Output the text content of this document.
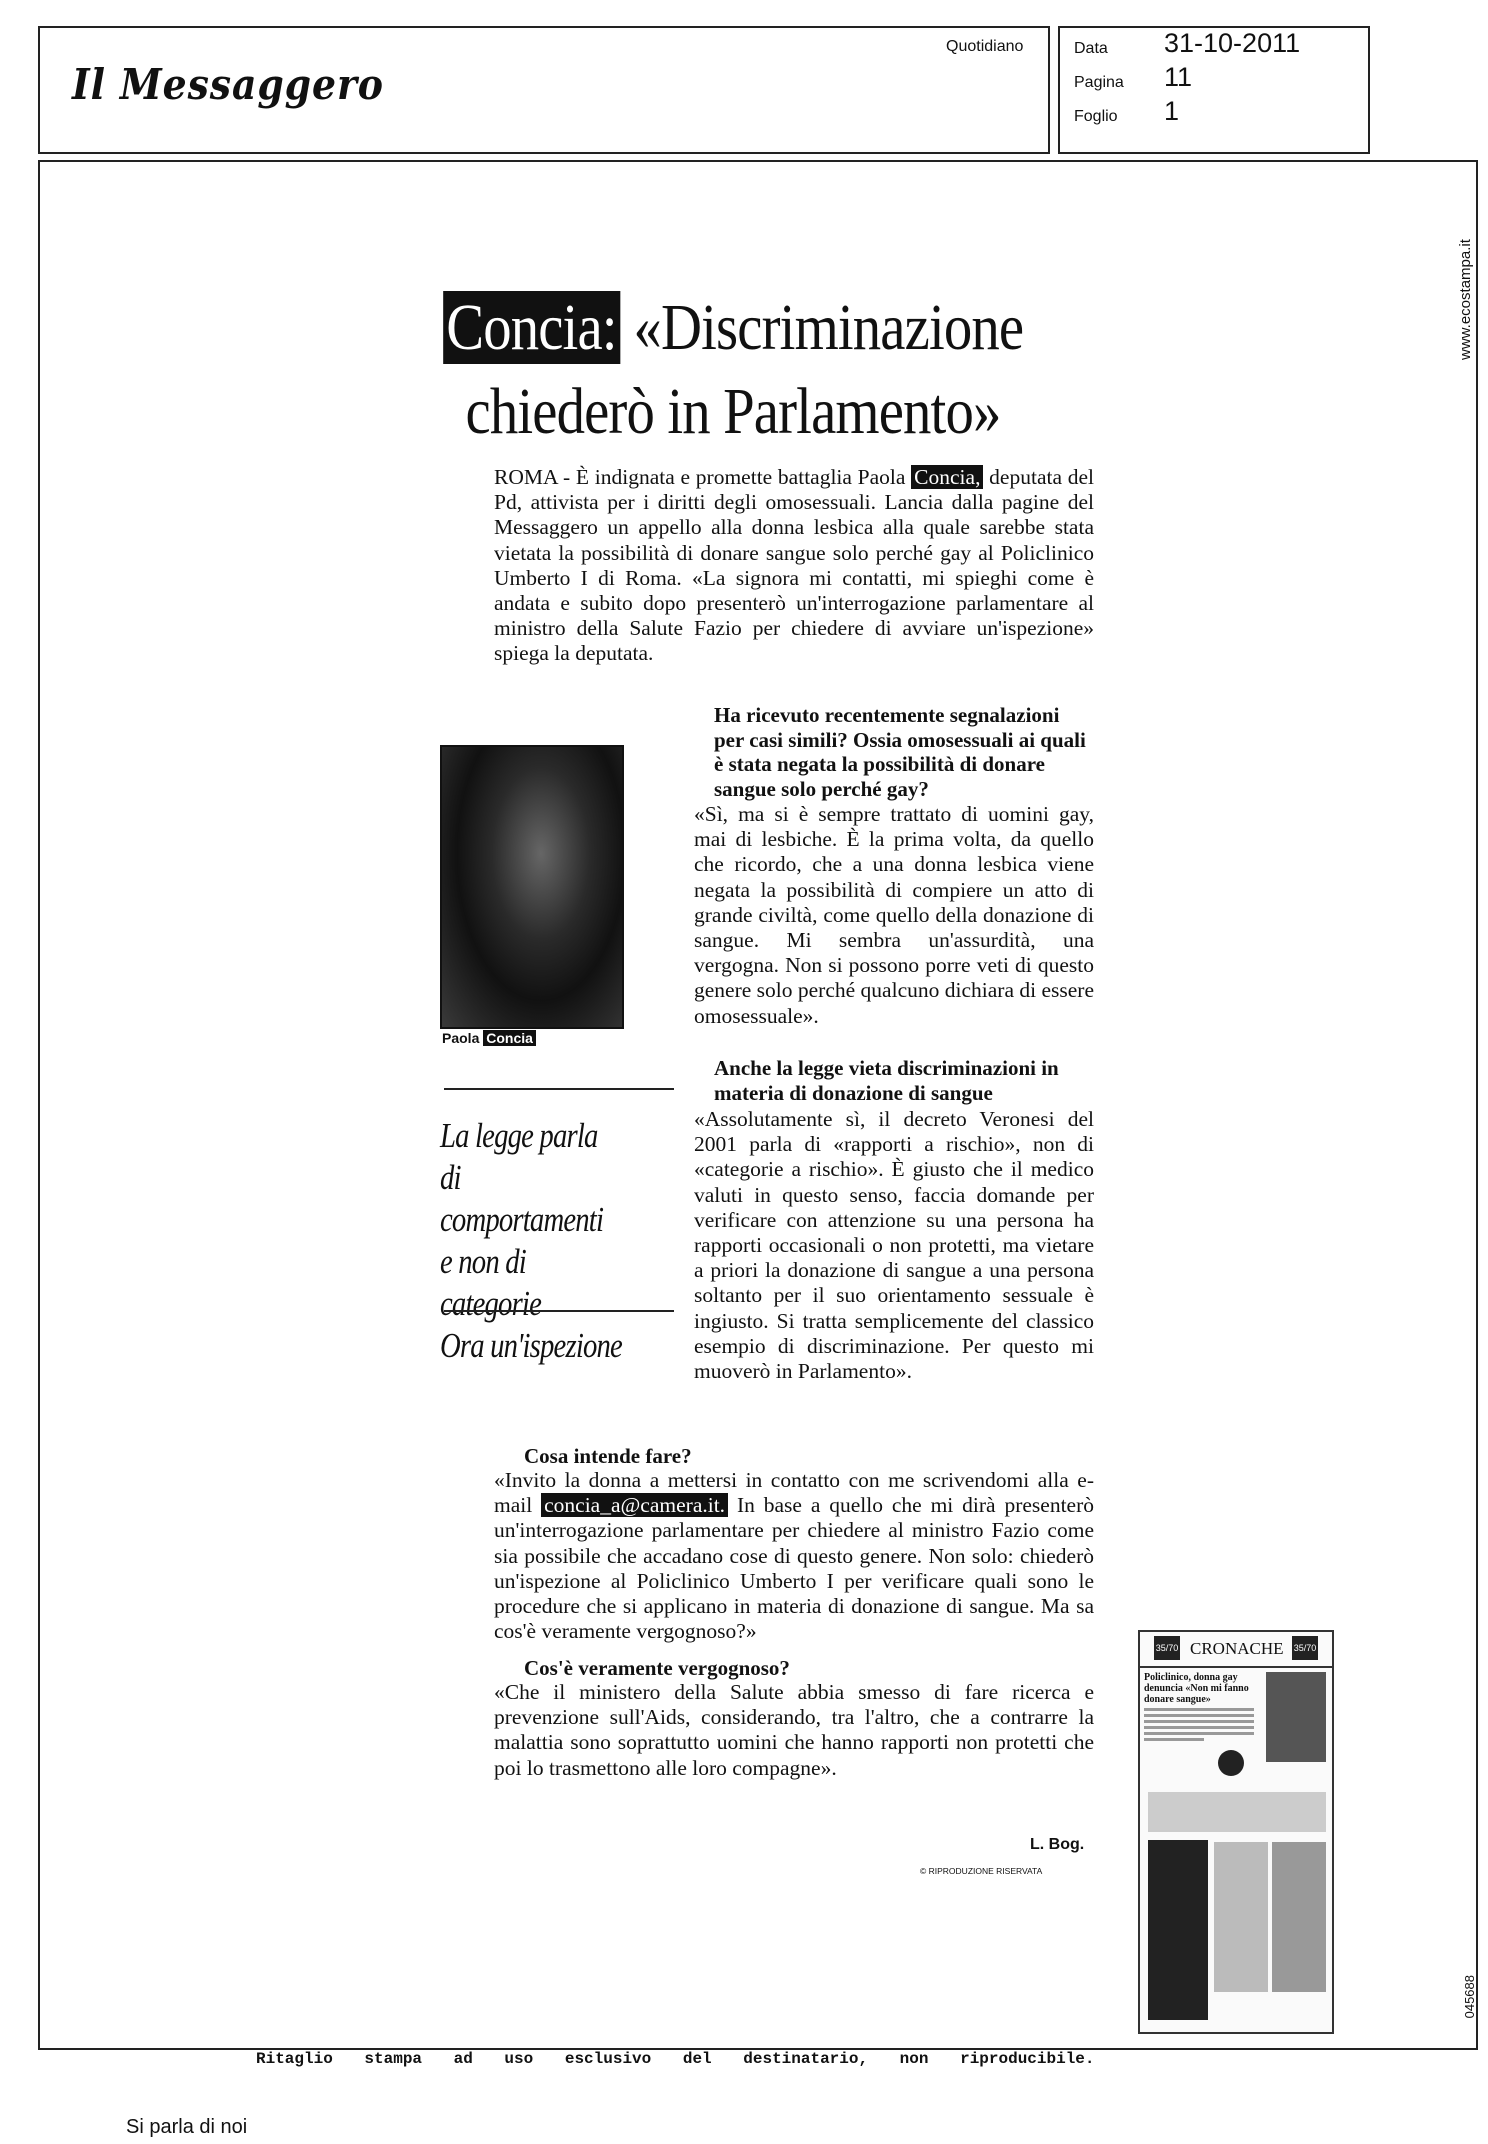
Il Messaggero
Quotidiano	Data 31-10-2011
Pagina 11
Foglio 1
www.ecostampa.it
045688
Concia: «Discriminazione
chiederò in Parlamento»
ROMA - È indignata e promette battaglia Paola Concia, deputata del Pd, attivista per i diritti degli omosessuali. Lancia dalla pagine del Messaggero un appello alla donna lesbica alla quale sarebbe stata vietata la possibilità di donare sangue solo perché gay al Policlinico Umberto I di Roma. «La signora mi contatti, mi spieghi come è andata e subito dopo presenterò un'interrogazione parlamentare al ministro della Salute Fazio per chiedere di avviare un'ispezione» spiega la deputata.
Paola Concia
La legge parla
di comportamenti
e non di categorie
Ora un'ispezione
Ha ricevuto recentemente segnalazioni per casi simili? Ossia omosessuali ai quali è stata negata la possibilità di donare sangue solo perché gay?
«Sì, ma si è sempre trattato di uomini gay, mai di lesbiche. È la prima volta, da quello che ricordo, che a una donna lesbica viene negata la possibilità di compiere un atto di grande civiltà, come quello della donazione di sangue. Mi sembra un'assurdità, una vergogna. Non si possono porre veti di questo genere solo perché qualcuno dichiara di essere omosessuale».
Anche la legge vieta discriminazioni in materia di donazione di sangue
«Assolutamente sì, il decreto Veronesi del 2001 parla di «rapporti a rischio», non di «categorie a rischio». È giusto che il medico valuti in questo senso, faccia domande per verificare con attenzione su una persona ha rapporti occasionali o non protetti, ma vietare a priori la donazione di sangue a una persona soltanto per il suo orientamento sessuale è ingiusto. Si tratta semplicemente del classico esempio di discriminazione. Per questo mi muoverò in Parlamento».
Cosa intende fare?
«Invito la donna a mettersi in contatto con me scrivendomi alla e-mail concia_a@camera.it. In base a quello che mi dirà presenterò un'interrogazione parlamentare per chiedere al ministro Fazio come sia possibile che accadano cose di questo genere. Non solo: chiederò un'ispezione al Policlinico Umberto I per verificare quali sono le procedure che si applicano in materia di donazione di sangue. Ma sa cos'è veramente vergognoso?»
Cos'è veramente vergognoso?
«Che il ministero della Salute abbia smesso di fare ricerca e prevenzione sull'Aids, considerando, tra l'altro, che a contrarre la malattia sono soprattutto uomini che hanno rapporti non protetti che poi lo trasmettono alle loro compagne».
L. Bog.
© RIPRODUZIONE RISERVATA
35/70 CRONACHE 35/70
Policlinico, donna gay denuncia «Non mi fanno donare sangue»
Ritaglio stampa ad uso esclusivo del destinatario, non riproducibile.
Si parla di noi
